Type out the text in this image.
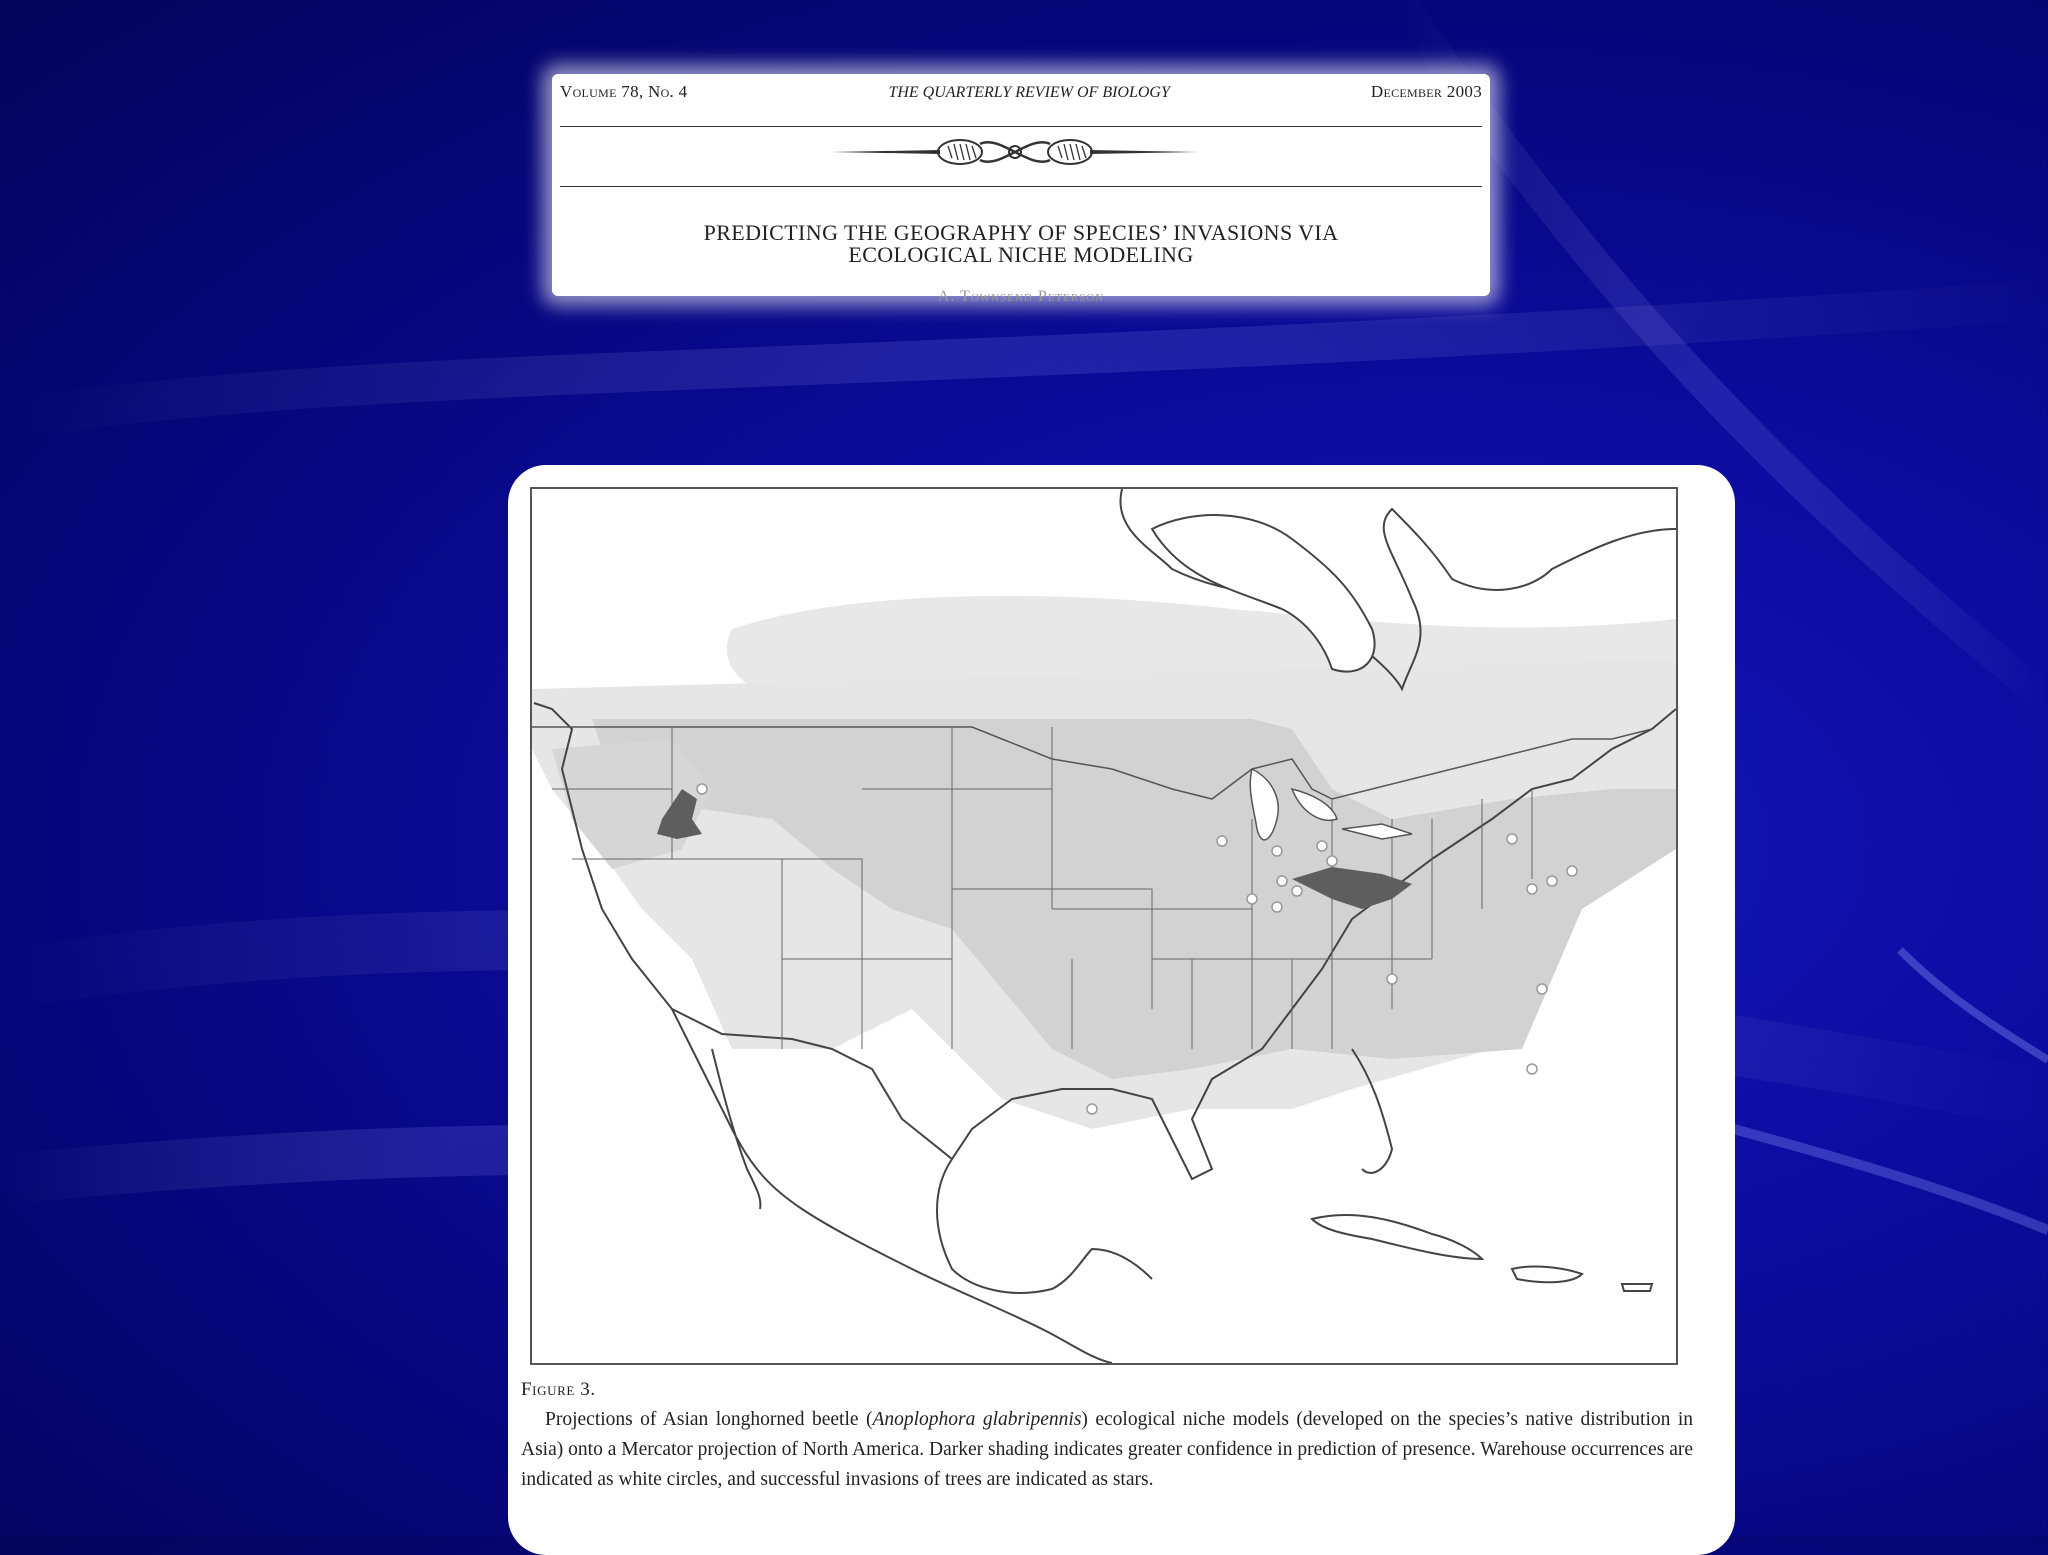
Volume 78, No. 4	THE QUARTERLY REVIEW OF BIOLOGY	December 2003
PREDICTING THE GEOGRAPHY OF SPECIES’ INVASIONS VIA
ECOLOGICAL NICHE MODELING
A. Townsend Peterson
Figure 3.
Projections of Asian longhorned beetle (Anoplophora glabripennis) ecological niche models (developed on the species’s native distribution in Asia) onto a Mercator projection of North America. Darker shading indicates greater confidence in prediction of presence. Warehouse occurrences are indicated as white circles, and successful invasions of trees are indicated as stars.
